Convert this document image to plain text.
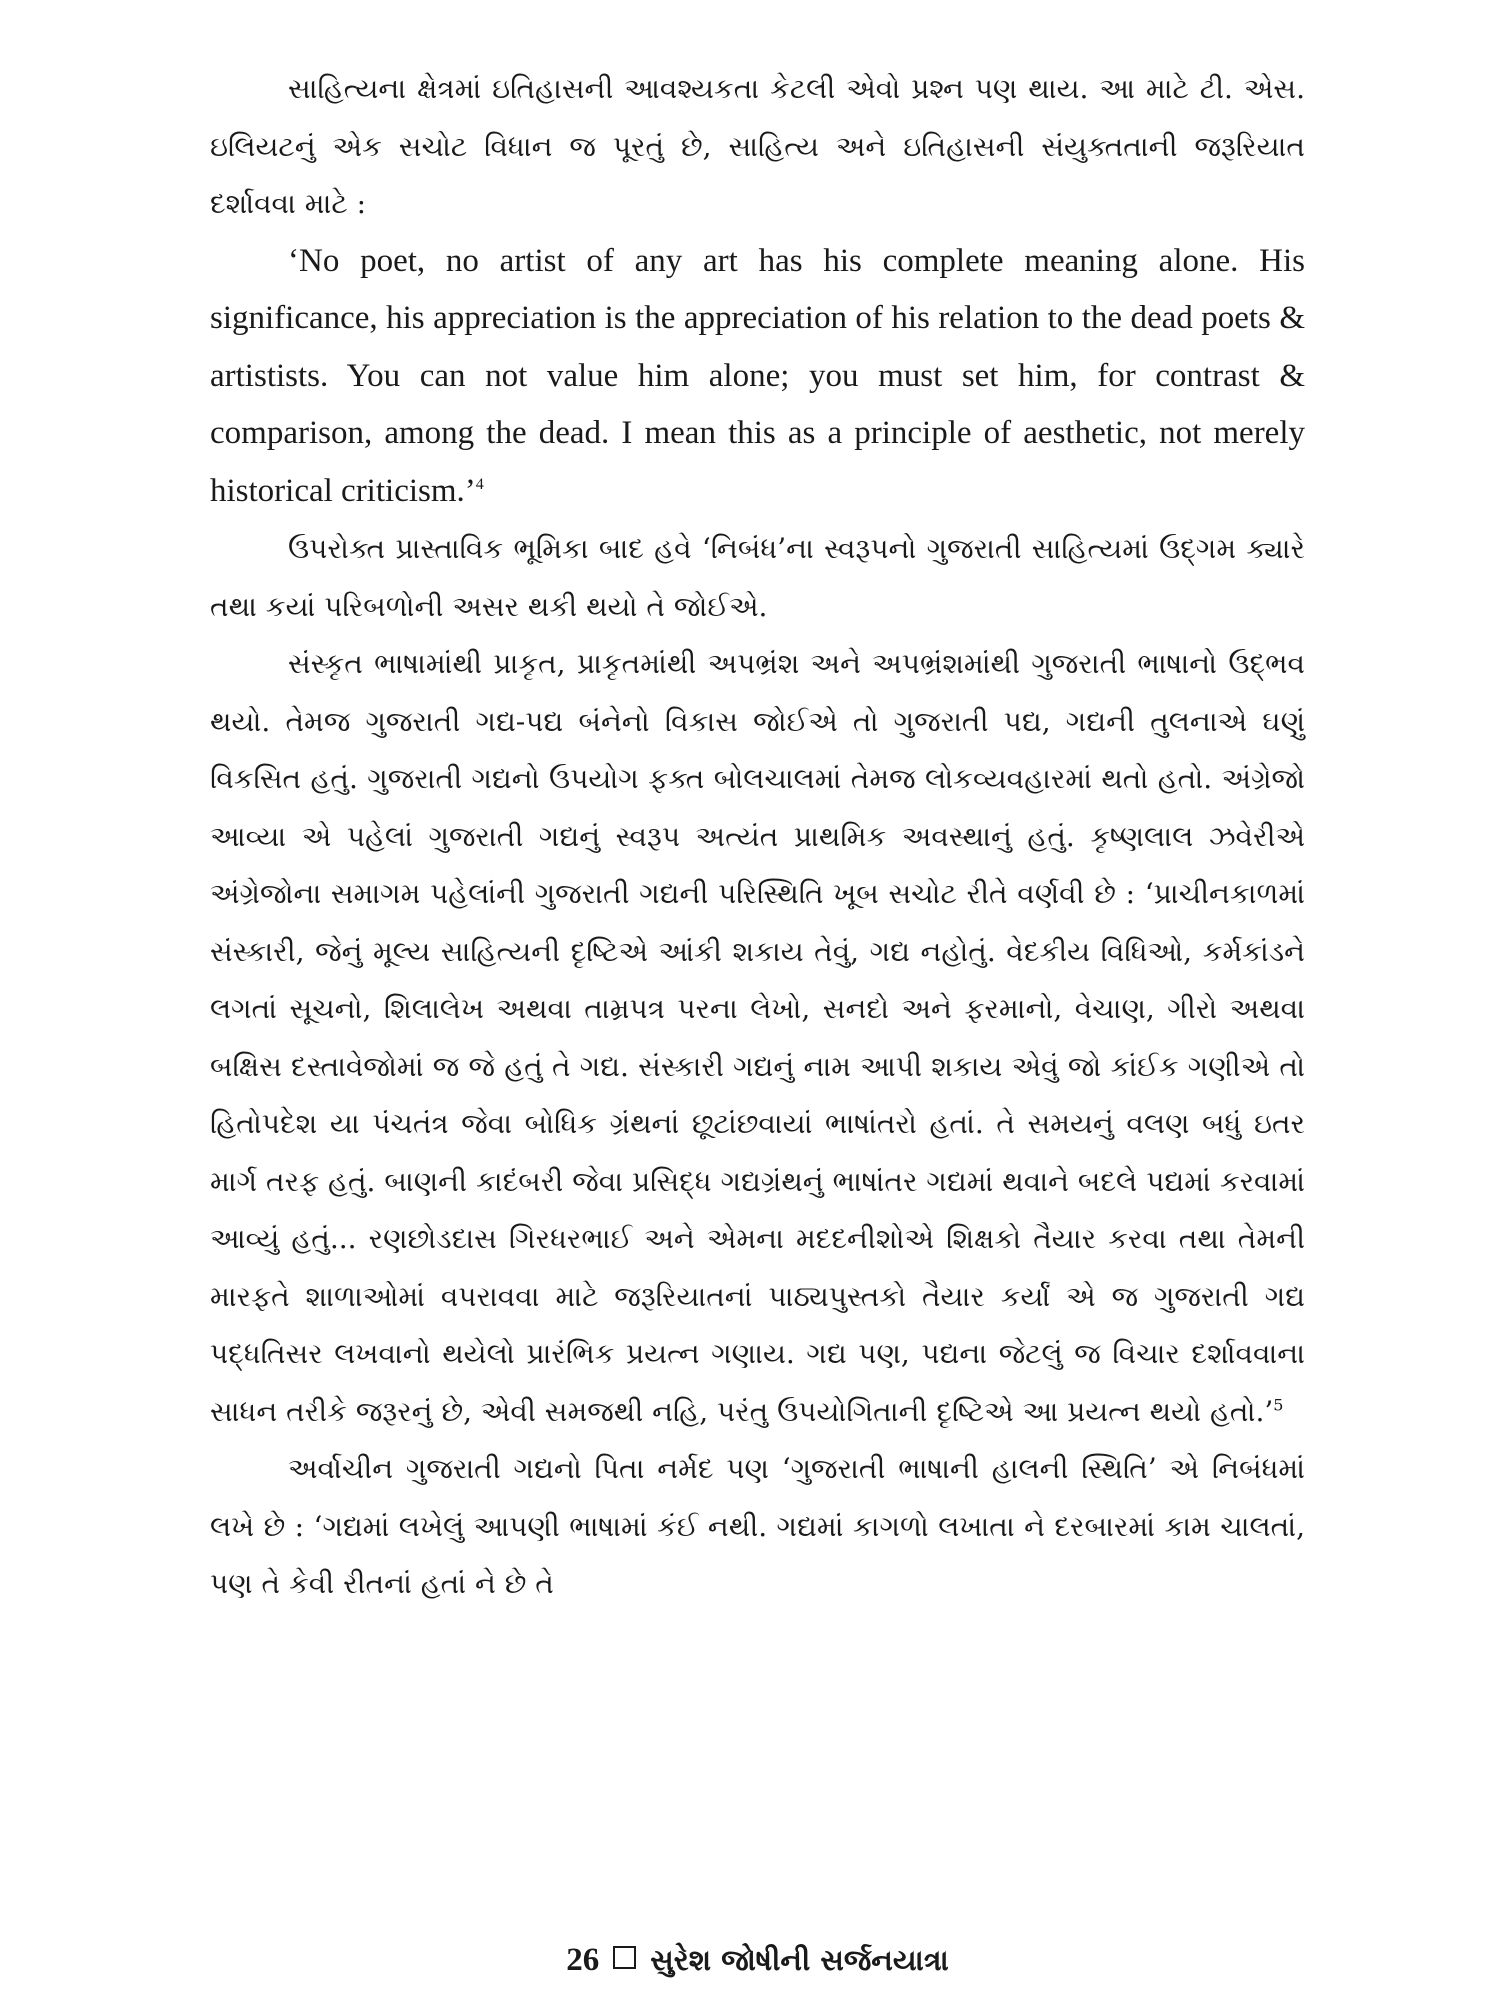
સાહિત્યના ક્ષેત્રમાં ઇતિહાસની આવશ્યકતા કેટલી એવો પ્રશ્ન પણ થાય. આ માટે ટી. એસ. ઇલિયટનું એક સચોટ વિધાન જ પૂરતું છે, સાહિત્ય અને ઇતિહાસની સંયુક્તતાની જરૂરિયાત દર્શાવવા માટે :

‘No poet, no artist of any art has his complete meaning alone. His significance, his appreciation is the appreciation of his relation to the dead poets & artistists. You can not value him alone; you must set him, for contrast & comparison, among the dead. I mean this as a principle of aesthetic, not merely historical criticism.’$^4$

ઉપરોક્ત પ્રાસ્તાવિક ભૂમિકા બાદ હવે ‘નિબંધ’ના સ્વરૂપનો ગુજરાતી સાહિત્યમાં ઉદ્ગમ ક્યારે તથા કયાં પરિબળોની અસર થકી થયો તે જોઈએ.

સંસ્કૃત ભાષામાંથી પ્રાકૃત, પ્રાકૃતમાંથી અપભ્રંશ અને અપભ્રંશમાંથી ગુજરાતી ભાષાનો ઉદ્ભવ થયો. તેમજ ગુજરાતી ગદ્ય-પદ્ય બંનેનો વિકાસ જોઈએ તો ગુજરાતી પદ્ય, ગદ્યની તુલનાએ ઘણું વિકસિત હતું. ગુજરાતી ગદ્યનો ઉપયોગ ફક્ત બોલચાલમાં તેમજ લોકવ્યવહારમાં થતો હતો. અંગ્રેજો આવ્યા એ પહેલાં ગુજરાતી ગદ્યનું સ્વરૂપ અત્યંત પ્રાથમિક અવસ્થાનું હતું. કૃષ્ણલાલ ઝવેરીએ અંગ્રેજોના સમાગમ પહેલાંની ગુજરાતી ગદ્યની પરિસ્થિતિ ખૂબ સચોટ રીતે વર્ણવી છે : ‘પ્રાચીનકાળમાં સંસ્કારી, જેનું મૂલ્ય સાહિત્યની દૃષ્ટિએ આંકી શકાય તેવું, ગદ્ય નહોતું. વેદકીય વિધિઓ, કર્મકાંડને લગતાં સૂચનો, શિલાલેખ અથવા તામ્રપત્ર પરના લેખો, સનદો અને ફરમાનો, વેચાણ, ગીરો અથવા બક્ષિસ દસ્તાવેજોમાં જ જે હતું તે ગદ્ય. સંસ્કારી ગદ્યનું નામ આપી શકાય એવું જો કાંઈક ગણીએ તો હિતોપદેશ યા પંચતંત્ર જેવા બોધિક ગ્રંથનાં છૂટાંછવાયાં ભાષાંતરો હતાં. તે સમયનું વલણ બધું ઇતર માર્ગ તરફ હતું. બાણની કાદંબરી જેવા પ્રસિદ્ધ ગદ્યગ્રંથનું ભાષાંતર ગદ્યમાં થવાને બદલે પદ્યમાં કરવામાં આવ્યું હતું... રણછોડદાસ ગિરધરભાઈ અને એમના મદદનીશોએ શિક્ષકો તૈયાર કરવા તથા તેમની મારફતે શાળાઓમાં વપરાવવા માટે જરૂરિયાતનાં પાઠ્યપુસ્તકો તૈયાર કર્યાં એ જ ગુજરાતી ગદ્ય પદ્ધતિસર લખવાનો થયેલો પ્રારંભિક પ્રયત્ન ગણાય. ગદ્ય પણ, પદ્યના જેટલું જ વિચાર દર્શાવવાના સાધન તરીકે જરૂરનું છે, એવી સમજથી નહિ, પરંતુ ઉપયોગિતાની દૃષ્ટિએ આ પ્રયત્ન થયો હતો.’$^5$

અર્વાચીન ગુજરાતી ગદ્યનો પિતા નર્મદ પણ ‘ગુજરાતી ભાષાની હાલની સ્થિતિ’ એ નિબંધમાં લખે છે : ‘ગદ્યમાં લખેલું આપણી ભાષામાં કંઈ નથી. ગદ્યમાં કાગળો લખાતા ને દરબારમાં કામ ચાલતાં, પણ તે કેવી રીતનાં હતાં ને છે તે

26 સુરેશ જોષીની સર્જનયાત્રા
